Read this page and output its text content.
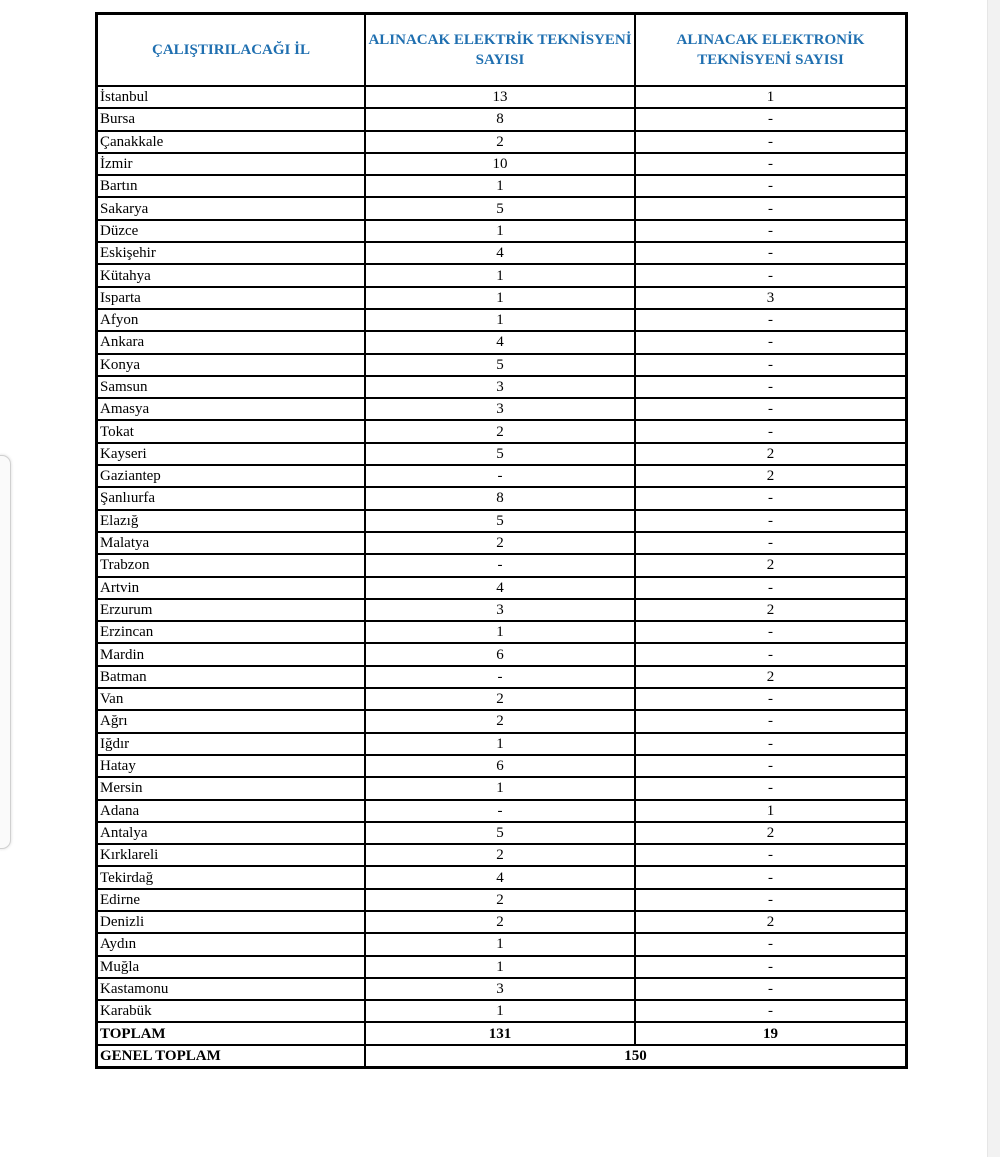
ÇALIŞTIRILACAĞI İL	ALINACAK ELEKTRİK TEKNİSYENİ SAYISI	ALINACAK ELEKTRONİK TEKNİSYENİ SAYISI
İstanbul	13	1
Bursa	8	-
Çanakkale	2	-
İzmir	10	-
Bartın	1	-
Sakarya	5	-
Düzce	1	-
Eskişehir	4	-
Kütahya	1	-
Isparta	1	3
Afyon	1	-
Ankara	4	-
Konya	5	-
Samsun	3	-
Amasya	3	-
Tokat	2	-
Kayseri	5	2
Gaziantep	-	2
Şanlıurfa	8	-
Elazığ	5	-
Malatya	2	-
Trabzon	-	2
Artvin	4	-
Erzurum	3	2
Erzincan	1	-
Mardin	6	-
Batman	-	2
Van	2	-
Ağrı	2	-
Iğdır	1	-
Hatay	6	-
Mersin	1	-
Adana	-	1
Antalya	5	2
Kırklareli	2	-
Tekirdağ	4	-
Edirne	2	-
Denizli	2	2
Aydın	1	-
Muğla	1	-
Kastamonu	3	-
Karabük	1	-
TOPLAM	131	19
GENEL TOPLAM	150	
